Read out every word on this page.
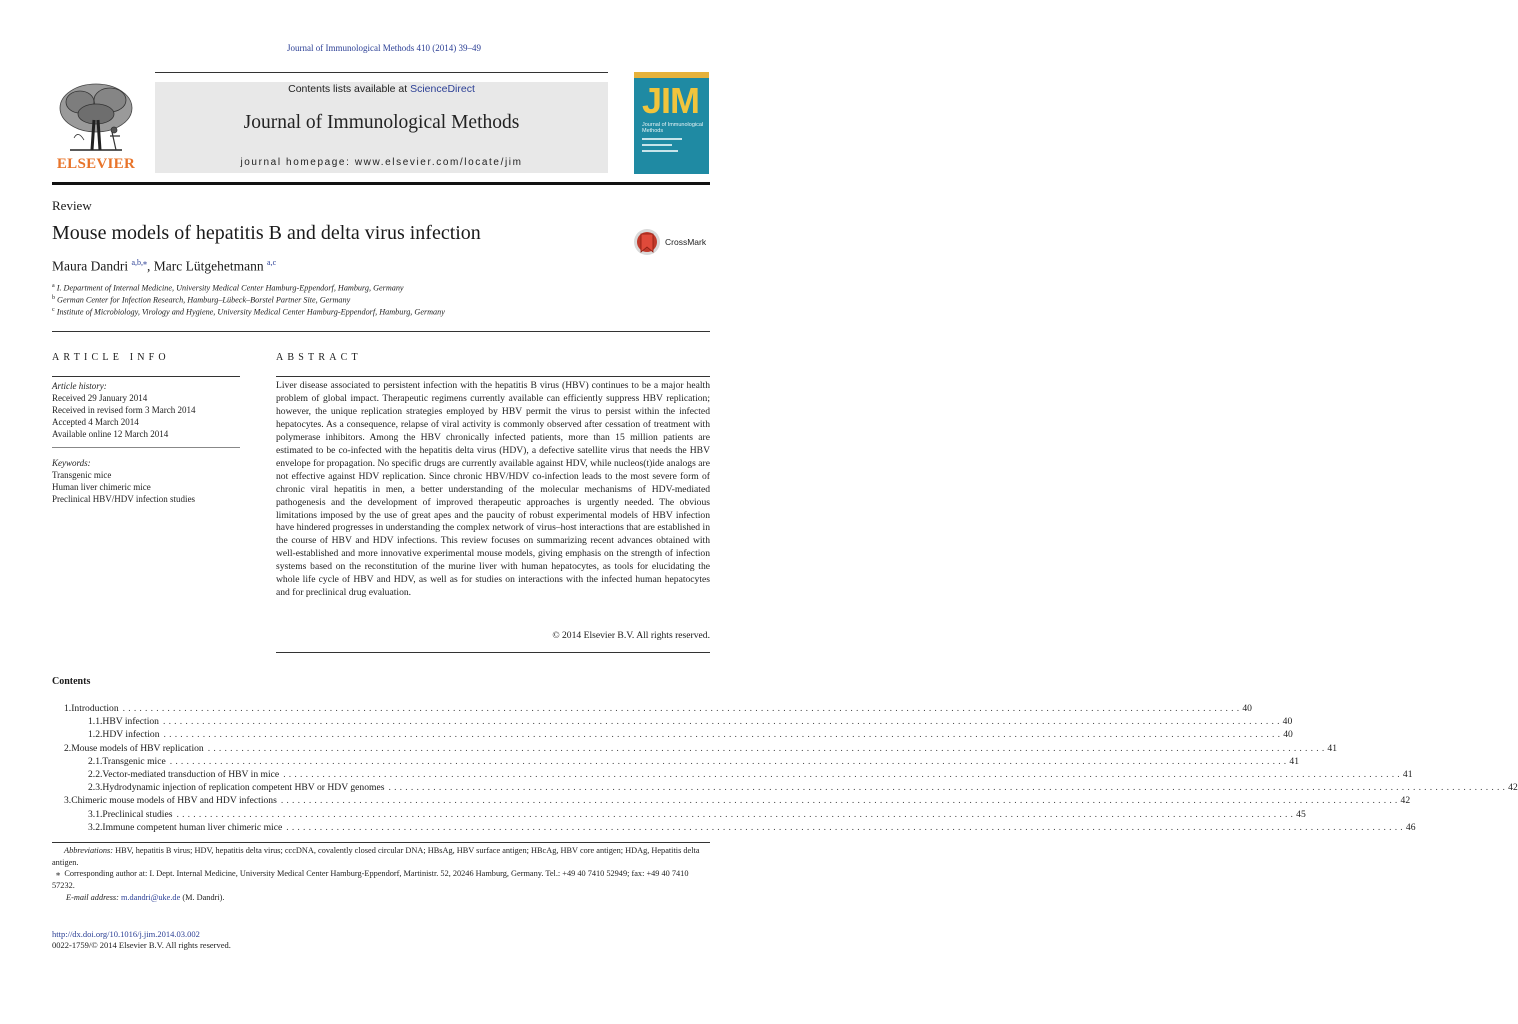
Journal of Immunological Methods 410 (2014) 39–49
Contents lists available at ScienceDirect
Journal of Immunological Methods
journal homepage: www.elsevier.com/locate/jim
ELSEVIER
JIM
Journal of Immunological Methods
Review
Mouse models of hepatitis B and delta virus infection	CrossMark
Maura Dandri $^{a,b,⁎}$, Marc Lütgehetmann $^{a,c}$
$^a$ I. Department of Internal Medicine, University Medical Center Hamburg-Eppendorf, Hamburg, Germany
$^b$ German Center for Infection Research, Hamburg–Lübeck–Borstel Partner Site, Germany
$^c$ Institute of Microbiology, Virology and Hygiene, University Medical Center Hamburg-Eppendorf, Hamburg, Germany
ARTICLE INFO	ABSTRACT
Article history:
Received 29 January 2014
Received in revised form 3 March 2014
Accepted 4 March 2014
Available online 12 March 2014
Keywords:
Transgenic mice
Human liver chimeric mice
Preclinical HBV/HDV infection studies
Liver disease associated to persistent infection with the hepatitis B virus (HBV) continues to be a major health problem of global impact. Therapeutic regimens currently available can efficiently suppress HBV replication; however, the unique replication strategies employed by HBV permit the virus to persist within the infected hepatocytes. As a consequence, relapse of viral activity is commonly observed after cessation of treatment with polymerase inhibitors. Among the HBV chronically infected patients, more than 15 million patients are estimated to be co-infected with the hepatitis delta virus (HDV), a defective satellite virus that needs the HBV envelope for propagation. No specific drugs are currently available against HDV, while nucleos(t)ide analogs are not effective against HDV replication. Since chronic HBV/HDV co-infection leads to the most severe form of chronic viral hepatitis in men, a better understanding of the molecular mechanisms of HDV-mediated pathogenesis and the development of improved therapeutic approaches is urgently needed. The obvious limitations imposed by the use of great apes and the paucity of robust experimental models of HBV infection have hindered progresses in understanding the complex network of virus–host interactions that are established in the course of HBV and HDV infections. This review focuses on summarizing recent advances obtained with well-established and more innovative experimental mouse models, giving emphasis on the strength of infection systems based on the reconstitution of the murine liver with human hepatocytes, as tools for elucidating the whole life cycle of HBV and HDV, as well as for studies on interactions with the infected human hepatocytes and for preclinical drug evaluation.
© 2014 Elsevier B.V. All rights reserved.
Contents
1. Introduction ........................................................................................................................................................................................................ 40
1.1. HBV infection ........................................................................................................................................................................................................ 40
1.2. HDV infection ........................................................................................................................................................................................................ 40
2. Mouse models of HBV replication ........................................................................................................................................................................................................ 41
2.1. Transgenic mice ........................................................................................................................................................................................................ 41
2.2. Vector-mediated transduction of HBV in mice ........................................................................................................................................................................................................ 41
2.3. Hydrodynamic injection of replication competent HBV or HDV genomes ........................................................................................................................................................................................................ 42
3. Chimeric mouse models of HBV and HDV infections ........................................................................................................................................................................................................ 42
3.1. Preclinical studies ........................................................................................................................................................................................................ 45
3.2. Immune competent human liver chimeric mice ........................................................................................................................................................................................................ 46
Abbreviations: HBV, hepatitis B virus; HDV, hepatitis delta virus; cccDNA, covalently closed circular DNA; HBsAg, HBV surface antigen; HBcAg, HBV core antigen; HDAg, Hepatitis delta antigen.
⁎ Corresponding author at: I. Dept. Internal Medicine, University Medical Center Hamburg-Eppendorf, Martinistr. 52, 20246 Hamburg, Germany. Tel.: +49 40 7410 52949; fax: +49 40 7410 57232.
E-mail address: m.dandri@uke.de (M. Dandri).
http://dx.doi.org/10.1016/j.jim.2014.03.002
0022-1759/© 2014 Elsevier B.V. All rights reserved.
